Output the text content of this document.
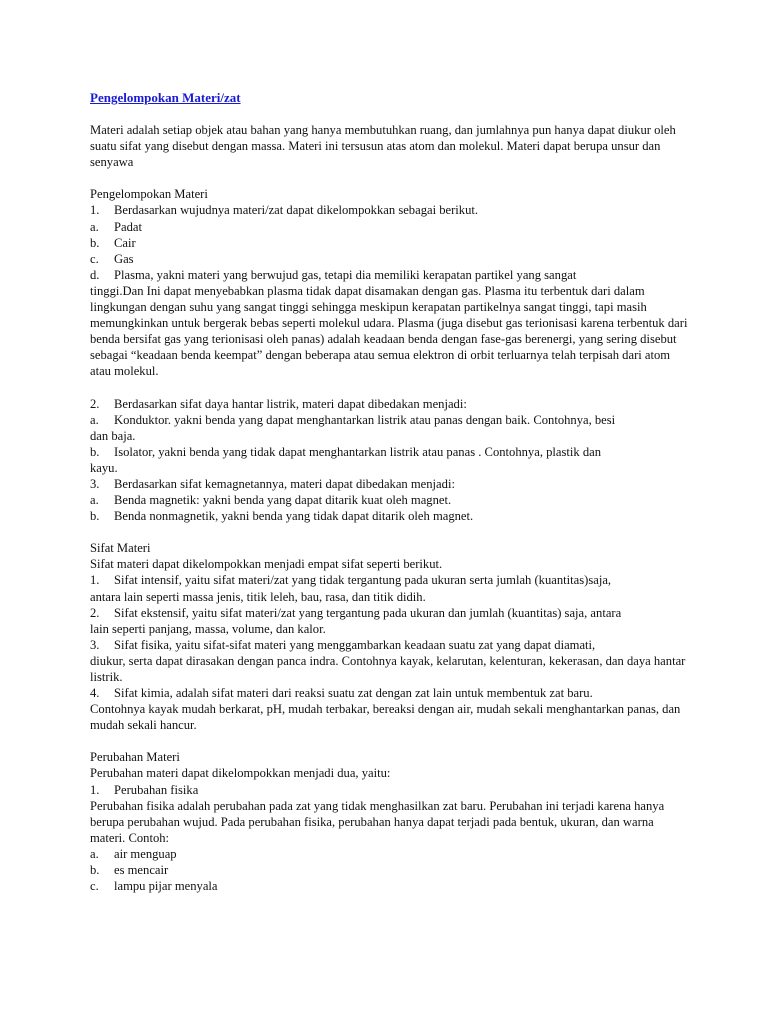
Pengelompokan Materi/zat

Materi adalah setiap objek atau bahan yang hanya membutuhkan ruang, dan jumlahnya pun hanya dapat diukur oleh suatu sifat yang disebut dengan massa. Materi ini tersusun atas atom dan molekul. Materi dapat berupa unsur dan senyawa

Pengelompokan Materi

1.	Berdasarkan wujudnya materi/zat dapat dikelompokkan sebagai berikut.
a.	Padat
b.	Cair
c.	Gas
d.	Plasma, yakni materi yang berwujud gas, tetapi dia memiliki kerapatan partikel yang sangat

tinggi.Dan Ini dapat menyebabkan plasma tidak dapat disamakan dengan gas. Plasma itu terbentuk dari dalam lingkungan dengan suhu yang sangat tinggi sehingga meskipun kerapatan partikelnya sangat tinggi, tapi masih memungkinkan untuk bergerak bebas seperti molekul udara. Plasma (juga disebut gas terionisasi karena terbentuk dari benda bersifat gas yang terionisasi oleh panas) adalah keadaan benda dengan fase-gas berenergi, yang sering disebut sebagai “keadaan benda keempat” dengan beberapa atau semua elektron di orbit terluarnya telah terpisah dari atom atau molekul.

2.	Berdasarkan sifat daya hantar listrik, materi dapat dibedakan menjadi:
a.	Konduktor. yakni benda yang dapat menghantarkan listrik atau panas dengan baik. Contohnya, besi

dan baja.

b.	Isolator, yakni benda yang tidak dapat menghantarkan listrik atau panas . Contohnya, plastik dan

kayu.

3.	Berdasarkan sifat kemagnetannya, materi dapat dibedakan menjadi:
a.	Benda magnetik: yakni benda yang dapat ditarik kuat oleh magnet.
b.	Benda nonmagnetik, yakni benda yang tidak dapat ditarik oleh magnet.

Sifat Materi

Sifat materi dapat dikelompokkan menjadi empat sifat seperti berikut.

1.	Sifat intensif, yaitu sifat materi/zat yang tidak tergantung pada ukuran serta jumlah (kuantitas)saja,

antara lain seperti massa jenis, titik leleh, bau, rasa, dan titik didih.

2.	Sifat ekstensif, yaitu sifat materi/zat yang tergantung pada ukuran dan jumlah (kuantitas) saja, antara

lain seperti panjang, massa, volume, dan kalor.

3.	Sifat fisika, yaitu sifat-sifat materi yang menggambarkan keadaan suatu zat yang dapat diamati,

diukur, serta dapat dirasakan dengan panca indra. Contohnya kayak, kelarutan, kelenturan, kekerasan, dan daya hantar listrik.

4.	Sifat kimia, adalah sifat materi dari reaksi suatu zat dengan zat lain untuk membentuk zat baru.

Contohnya kayak mudah berkarat, pH, mudah terbakar, bereaksi dengan air, mudah sekali menghantarkan panas, dan mudah sekali hancur.

Perubahan Materi

Perubahan materi dapat dikelompokkan menjadi dua, yaitu:

1.	Perubahan fisika

Perubahan fisika adalah perubahan pada zat yang tidak menghasilkan zat baru. Perubahan ini terjadi karena hanya berupa perubahan wujud. Pada perubahan fisika, perubahan hanya dapat terjadi pada bentuk, ukuran, dan warna materi. Contoh:

a.	air menguap
b.	es mencair
c.	lampu pijar menyala
